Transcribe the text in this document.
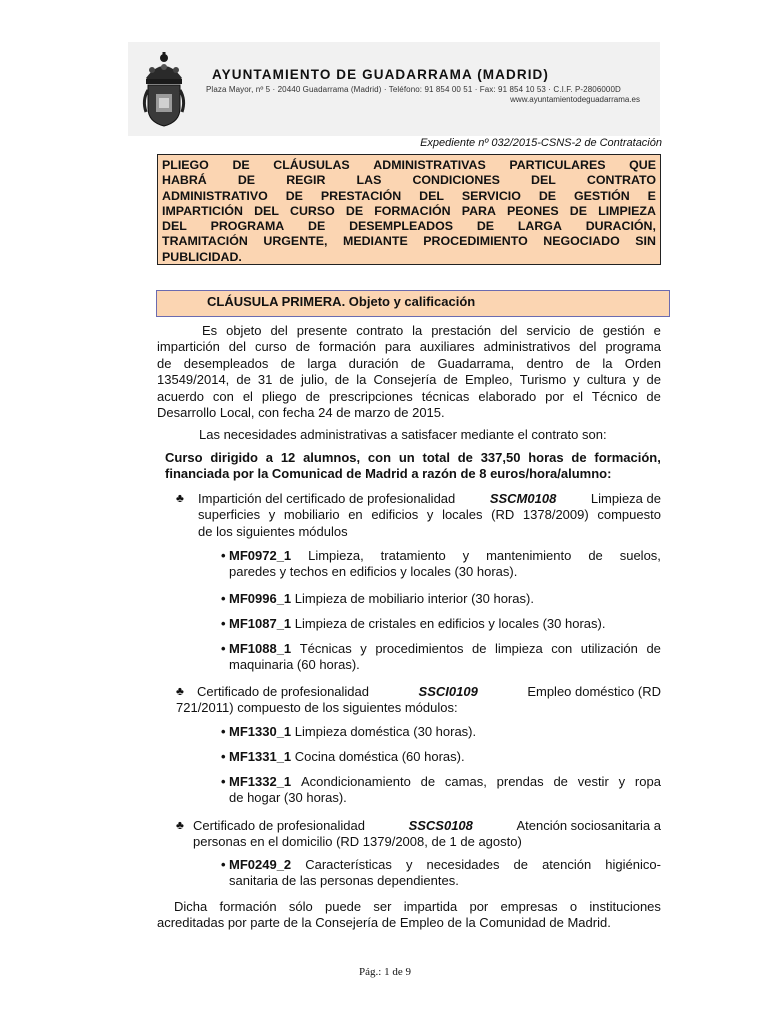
AYUNTAMIENTO DE GUADARRAMA (MADRID)
Plaza Mayor, nº 5 · 20440 Guadarrama (Madrid) · Teléfono: 91 854 00 51 · Fax: 91 854 10 53 · C.I.F. P-2806000D
www.ayuntamientodeguadarrama.es
Expediente nº 032/2015-CSNS-2 de Contratación
PLIEGO DE CLÁUSULAS ADMINISTRATIVAS PARTICULARES QUE
HABRÁ	DE	REGIR	LAS	CONDICIONES	DEL	CONTRATO
ADMINISTRATIVO DE PRESTACIÓN DEL SERVICIO DE GESTIÓN E
IMPARTICIÓN DEL CURSO DE FORMACIÓN PARA PEONES DE LIMPIEZA
DEL PROGRAMA DE DESEMPLEADOS DE LARGA DURACIÓN,
TRAMITACIÓN URGENTE, MEDIANTE PROCEDIMIENTO NEGOCIADO SIN
PUBLICIDAD.
CLÁUSULA PRIMERA. Objeto y calificación
Es objeto del presente contrato la prestación del servicio de gestión e
impartición del curso de formación para auxiliares administrativos del programa
de desempleados de larga duración de Guadarrama, dentro de la Orden
13549/2014, de 31 de julio, de la Consejería de Empleo, Turismo y cultura y de
acuerdo con el pliego de prescripciones técnicas elaborado por el Técnico de
Desarrollo Local, con fecha 24 de marzo de 2015.
Las necesidades administrativas a satisfacer mediante el contrato son:
Curso dirigido a 12 alumnos, con un total de 337,50 horas de formación,
financiada por la Comunicad de Madrid a razón de 8 euros/hora/alumno:
♣ Impartición del certificado de profesionalidad	SSCM0108	Limpieza de
superficies y mobiliario en edificios y locales (RD 1378/2009) compuesto
de los siguientes módulos
• MF0972_1 Limpieza, tratamiento y mantenimiento de suelos,
paredes y techos en edificios y locales (30 horas).
• MF0996_1 Limpieza de mobiliario interior (30 horas).
• MF1087_1 Limpieza de cristales en edificios y locales (30 horas).
• MF1088_1 Técnicas y procedimientos de limpieza con utilización de
maquinaria (60 horas).
♣ Certificado de profesionalidad	SSCI0109	Empleo doméstico (RD
721/2011) compuesto de los siguientes módulos:
• MF1330_1 Limpieza doméstica (30 horas).
• MF1331_1 Cocina doméstica (60 horas).
• MF1332_1 Acondicionamiento de camas, prendas de vestir y ropa
de hogar (30 horas).
♣ Certificado de profesionalidad	SSCS0108	Atención sociosanitaria a
personas en el domicilio (RD 1379/2008, de 1 de agosto)
• MF0249_2 Características y necesidades de atención higiénico-
sanitaria de las personas dependientes.
Dicha formación sólo puede ser impartida por empresas o instituciones
acreditadas por parte de la Consejería de Empleo de la Comunidad de Madrid.
Pág.: 1 de 9
